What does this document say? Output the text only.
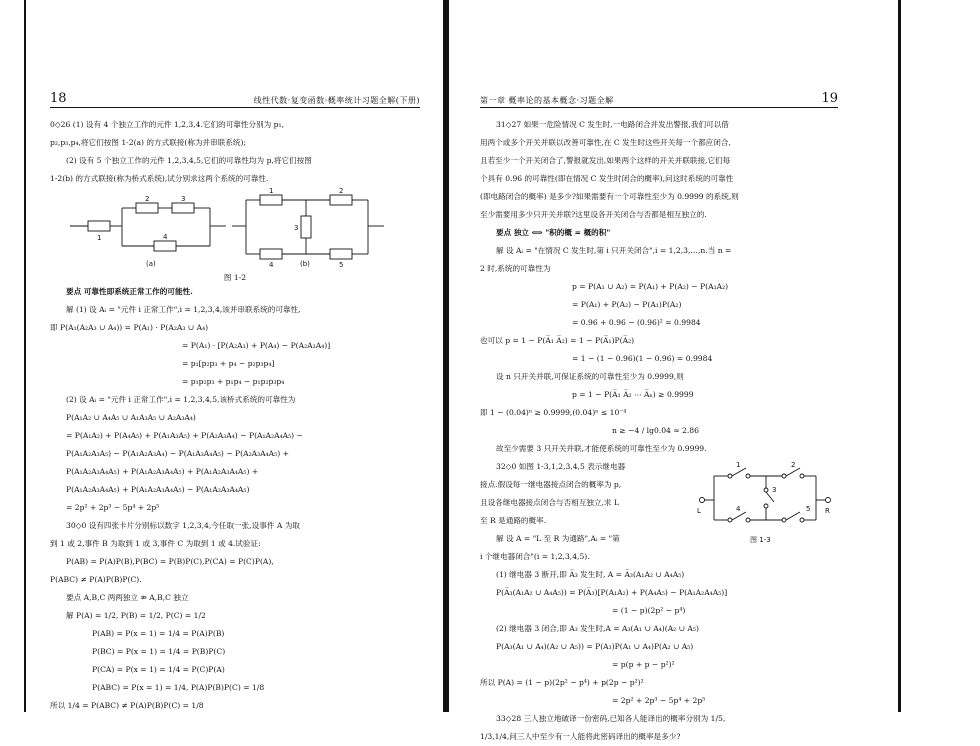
18	线性代数·复变函数·概率统计习题全解(下册)
0◇26 (1) 设有 4 个独立工作的元件 1,2,3,4.它们的可靠性分别为 p₁,
p₂,p₃,p₄,将它们按图 1-2(a) 的方式联接(称为并串联系统);
(2) 设有 5 个独立工作的元件 1,2,3,4,5,它们的可靠性均为 p,将它们按图
1-2(b) 的方式联接(称为桥式系统),试分别求这两个系统的可靠性.
1
2	3
4
1	2
3
4	5
(a)	(b)
图 1-2
要点 可靠性即系统正常工作的可能性.
解 (1) 设 Aᵢ = "元件 i 正常工作",i = 1,2,3,4,该并串联系统的可靠性,
即 P(A₁(A₂A₃ ∪ A₄)) = P(A₁) · P(A₂A₃ ∪ A₄)
= P(A₁) · [P(A₂A₃) + P(A₄) − P(A₂A₃A₄)]
= p₁[p₂p₃ + p₄ − p₂p₃p₄]
= p₁p₂p₃ + p₁p₄ − p₁p₂p₃p₄
(2) 设 Aᵢ = "元件 i 正常工作",i = 1,2,3,4,5,该桥式系统的可靠性为
P(A₁A₂ ∪ A₄A₅ ∪ A₁A₃A₅ ∪ A₂A₃A₄)
= P(A₁A₂) + P(A₄A₅) + P(A₁A₃A₅) + P(A₂A₃A₄) − P(A₁A₂A₄A₅) −
P(A₁A₂A₃A₅) − P(A₁A₂A₃A₄) − P(A₁A₃A₄A₅) − P(A₂A₃A₄A₅) +
P(A₁A₂A₃A₄A₅) + P(A₁A₂A₃A₄A₅) + P(A₁A₂A₃A₄A₅) +
P(A₁A₂A₃A₄A₅) + P(A₁A₂A₃A₄A₅) − P(A₁A₂A₃A₄A₅)
= 2p² + 2p³ − 5p⁴ + 2p⁵
30◇0 设有四张卡片分别标以数字 1,2,3,4,今任取一张,设事件 A 为取
到 1 或 2,事件 B 为取到 1 或 3,事件 C 为取到 1 或 4.试验证:
P(AB) = P(A)P(B),P(BC) = P(B)P(C),P(CA) = P(C)P(A),
P(ABC) ≠ P(A)P(B)P(C).
要点 A,B,C 两两独立 ⇏ A,B,C 独立
解 P(A) = 1/2, P(B) = 1/2, P(C) = 1/2
P(AB) = P(x = 1) = 1/4 = P(A)P(B)
P(BC) = P(x = 1) = 1/4 = P(B)P(C)
P(CA) = P(x = 1) = 1/4 = P(C)P(A)
P(ABC) = P(x = 1) = 1/4, P(A)P(B)P(C) = 1/8
所以 1/4 = P(ABC) ≠ P(A)P(B)P(C) = 1/8
第一章 概率论的基本概念·习题全解	19
31◇27 如果一危险情况 C 发生时,一电路闭合并发出警报,我们可以借
用两个或多个开关并联以改善可靠性,在 C 发生时这些开关每一个都应闭合,
且若至少一个开关闭合了,警报就发出,如果两个这样的开关并联联接,它们每
个具有 0.96 的可靠性(即在情况 C 发生时闭合的概率),问这时系统的可靠性
(即电路闭合的概率) 是多少?如果需要有一个可靠性至少为 0.9999 的系统,则
至少需要用多少只开关并联?这里设各开关闭合与否都是相互独立的.
要点 独立 ⟺ "积的概 = 概的积"
解 设 Aᵢ = "在情况 C 发生时,第 i 只开关闭合",i = 1,2,3,…,n.当 n =
2 时,系统的可靠性为
p = P(A₁ ∪ A₂) = P(A₁) + P(A₂) − P(A₁A₂)
= P(A₁) + P(A₂) − P(A₁)P(A₂)
= 0.96 + 0.96 − (0.96)² = 0.9984
也可以 p = 1 − P(A̅₁ A̅₂) = 1 − P(A̅₁)P(A̅₂)
= 1 − (1 − 0.96)(1 − 0.96) = 0.9984
设 n 只开关并联,可保证系统的可靠性至少为 0.9999,则
p = 1 − P(A̅₁ A̅₂ ⋯ A̅ₙ) ≥ 0.9999
即 1 − (0.04)ⁿ ≥ 0.9999,(0.04)ⁿ ≤ 10⁻⁴
n ≥ −4 / lg0.04 ≈ 2.86
故至少需要 3 只开关并联,才能使系统的可靠性至少为 0.9999.
32◇0 如图 1-3,1,2,3,4,5 表示继电器
接点.假设每一继电器接点闭合的概率为 p,
且设各继电器接点闭合与否相互独立,求 L
至 R 是通路的概率.
解 设 A = "L 至 R 为通路",Aᵢ = "第
i 个继电器闭合"(i = 1,2,3,4,5).
1	2
3
4	5
L	R
图 1-3
(1) 继电器 3 断开,即 A̅₃ 发生时, A = A̅₃(A₁A₂ ∪ A₄A₅)
P(A̅₃(A₁A₂ ∪ A₄A₅)) = P(A̅₃)[P(A₁A₂) + P(A₄A₅) − P(A₁A₂A₄A₅)]
= (1 − p)(2p² − p⁴)
(2) 继电器 3 闭合,即 A₃ 发生时,A = A₃(A₁ ∪ A₄)(A₂ ∪ A₅)
P(A₃(A₁ ∪ A₄)(A₂ ∪ A₅)) = P(A₃)P(A₁ ∪ A₄)P(A₂ ∪ A₅)
= p(p + p − p²)²
所以 P(A) = (1 − p)(2p² − p⁴) + p(2p − p²)²
= 2p² + 2p³ − 5p⁴ + 2p⁵
33◇28 三人独立地破译一份密码,已知各人能译出的概率分别为 1/5,
1/3,1/4,问三人中至少有一人能将此密码译出的概率是多少?
